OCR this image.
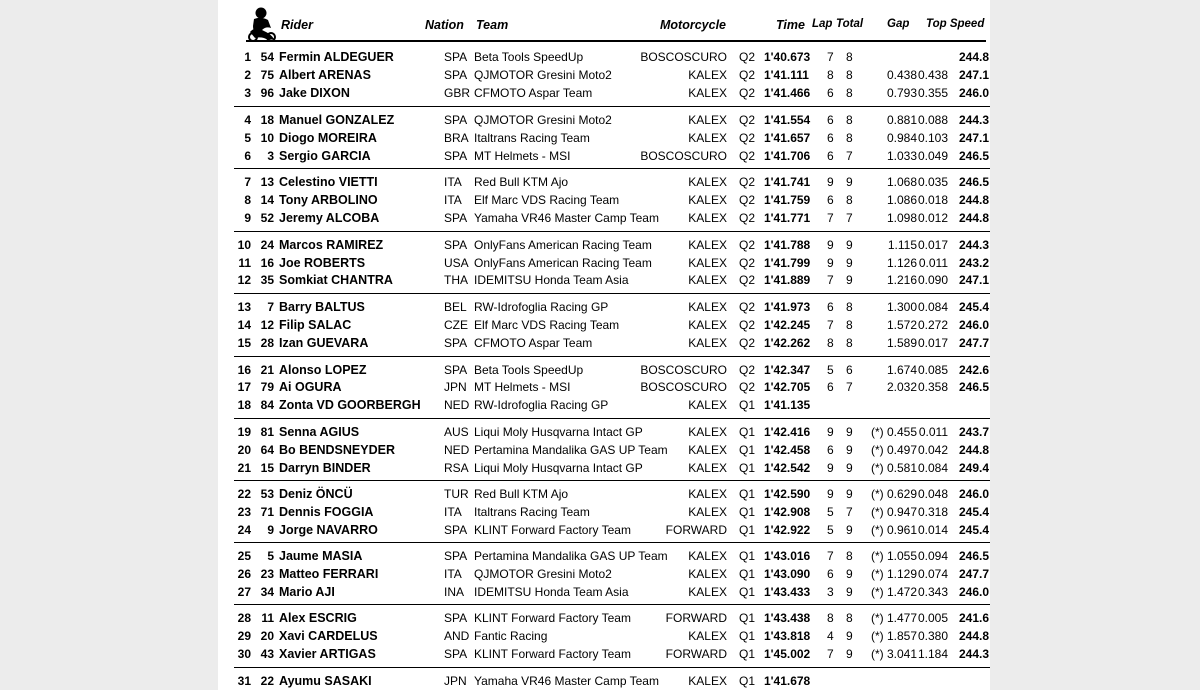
Rider	Nation Team	Motorcycle	Time Lap Total Gap Top Speed
1 54 Fermin ALDEGUER	SPA Beta Tools SpeedUp	BOSCOSCURO Q2 1'40.673 7 8	244.8
2 75 Albert ARENAS	SPA QJMOTOR Gresini Moto2	KALEX Q2 1'41.111 8 8	0.438 0.438 247.1
3 96 Jake DIXON	GBR CFMOTO Aspar Team	KALEX Q2 1'41.466 6 8	0.793 0.355 246.0
4 18 Manuel GONZALEZ	SPA QJMOTOR Gresini Moto2	KALEX Q2 1'41.554 6 8	0.881 0.088 244.3
5 10 Diogo MOREIRA	BRA Italtrans Racing Team	KALEX Q2 1'41.657 6 8	0.984 0.103 247.1
6 3 Sergio GARCIA	SPA MT Helmets - MSI	BOSCOSCURO Q2 1'41.706 6 7	1.033 0.049 246.5
7 13 Celestino VIETTI	ITA Red Bull KTM Ajo	KALEX Q2 1'41.741 9 9	1.068 0.035 246.5
8 14 Tony ARBOLINO	ITA Elf Marc VDS Racing Team	KALEX Q2 1'41.759 6 8	1.086 0.018 244.8
9 52 Jeremy ALCOBA	SPA Yamaha VR46 Master Camp Team KALEX Q2 1'41.771 7 7	1.098 0.012 244.8
10 24 Marcos RAMIREZ	SPA OnlyFans American Racing Team	KALEX Q2 1'41.788 9 9	1.115 0.017 244.3
11 16 Joe ROBERTS	USA OnlyFans American Racing Team	KALEX Q2 1'41.799 9 9	1.126 0.011 243.2
12 35 Somkiat CHANTRA	THA IDEMITSU Honda Team Asia	KALEX Q2 1'41.889 7 9	1.216 0.090 247.1
13 7 Barry BALTUS	BEL RW-Idrofoglia Racing GP	KALEX Q2 1'41.973 6 8	1.300 0.084 245.4
14 12 Filip SALAC	CZE Elf Marc VDS Racing Team	KALEX Q2 1'42.245 7 8	1.572 0.272 246.0
15 28 Izan GUEVARA	SPA CFMOTO Aspar Team	KALEX Q2 1'42.262 8 8	1.589 0.017 247.7
16 21 Alonso LOPEZ	SPA Beta Tools SpeedUp	BOSCOSCURO Q2 1'42.347 5 6	1.674 0.085 242.6
17 79 Ai OGURA	JPN MT Helmets - MSI	BOSCOSCURO Q2 1'42.705 6 7	2.032 0.358 246.5
18 84 Zonta VD GOORBERGH NED RW-Idrofoglia Racing GP	KALEX Q1 1'41.135
19 81 Senna AGIUS	AUS Liqui Moly Husqvarna Intact GP	KALEX Q1 1'42.416 9 9	(*) 0.455 0.011 243.7
20 64 Bo BENDSNEYDER	NED Pertamina Mandalika GAS UP Team KALEX Q1 1'42.458 6 9	(*) 0.497 0.042 244.8
21 15 Darryn BINDER	RSA Liqui Moly Husqvarna Intact GP	KALEX Q1 1'42.542 9 9	(*) 0.581 0.084 249.4
22 53 Deniz ÖNCÜ	TUR Red Bull KTM Ajo	KALEX Q1 1'42.590 9 9	(*) 0.629 0.048 246.0
23 71 Dennis FOGGIA	ITA Italtrans Racing Team	KALEX Q1 1'42.908 5 7	(*) 0.947 0.318 245.4
24 9 Jorge NAVARRO	SPA KLINT Forward Factory Team	FORWARD Q1 1'42.922 5 9	(*) 0.961 0.014 245.4
25 5 Jaume MASIA	SPA Pertamina Mandalika GAS UP Team KALEX Q1 1'43.016 7 8	(*) 1.055 0.094 246.5
26 23 Matteo FERRARI	ITA QJMOTOR Gresini Moto2	KALEX Q1 1'43.090 6 9	(*) 1.129 0.074 247.7
27 34 Mario AJI	INA IDEMITSU Honda Team Asia	KALEX Q1 1'43.433 3 9	(*) 1.472 0.343 246.0
28 11 Alex ESCRIG	SPA KLINT Forward Factory Team	FORWARD Q1 1'43.438 8 8	(*) 1.477 0.005 241.6
29 20 Xavi CARDELUS	AND Fantic Racing	KALEX Q1 1'43.818 4 9	(*) 1.857 0.380 244.8
30 43 Xavier ARTIGAS	SPA KLINT Forward Factory Team	FORWARD Q1 1'45.002 7 9	(*) 3.041 1.184 244.3
31 22 Ayumu SASAKI	JPN Yamaha VR46 Master Camp Team KALEX Q1 1'41.678
